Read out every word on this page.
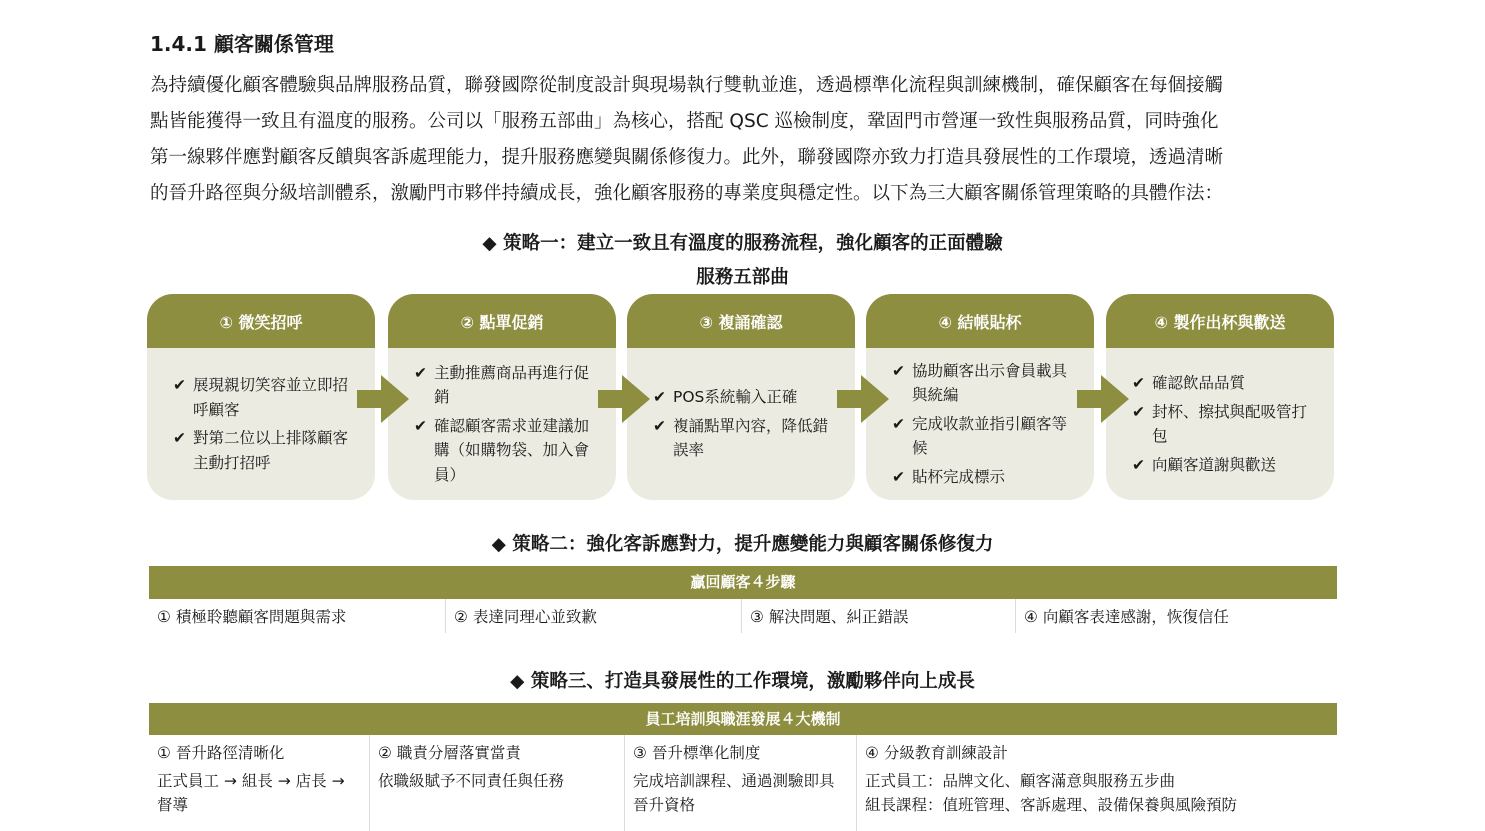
1.4.1 顧客關係管理

為持續優化顧客體驗與品牌服務品質，聯發國際從制度設計與現場執行雙軌並進，透過標準化流程與訓練機制，確保顧客在每個接觸

點皆能獲得一致且有溫度的服務。公司以「服務五部曲」為核心，搭配 QSC 巡檢制度，鞏固門市營運一致性與服務品質，同時強化

第一線夥伴應對顧客反饋與客訴處理能力，提升服務應變與關係修復力。此外，聯發國際亦致力打造具發展性的工作環境，透過清晰

的晉升路徑與分級培訓體系，激勵門市夥伴持續成長，強化顧客服務的專業度與穩定性。以下為三大顧客關係管理策略的具體作法：

◆ 策略一：建立一致且有溫度的服務流程，強化顧客的正面體驗
服務五部曲
① 微笑招呼
✔ 展現親切笑容並立即招呼顧客
✔ 對第二位以上排隊顧客主動打招呼
② 點單促銷
✔ 主動推薦商品再進行促銷
✔ 確認顧客需求並建議加購（如購物袋、加入會員）
③ 複誦確認
✔ POS系統輸入正確
✔ 複誦點單內容，降低錯誤率
④ 結帳貼杯
✔ 協助顧客出示會員載具與統編
✔ 完成收款並指引顧客等候
✔ 貼杯完成標示
④ 製作出杯與歡送
✔ 確認飲品品質
✔ 封杯、擦拭與配吸管打包
✔ 向顧客道謝與歡送
◆ 策略二：強化客訴應對力，提升應變能力與顧客關係修復力
贏回顧客４步驟
① 積極聆聽顧客問題與需求	② 表達同理心並致歉	③ 解決問題、糾正錯誤	④ 向顧客表達感謝，恢復信任
◆ 策略三、打造具發展性的工作環境，激勵夥伴向上成長
員工培訓與職涯發展４大機制
① 晉升路徑清晰化
正式員工 → 組長 → 店長 →
督導
② 職責分層落實當責
依職級賦予不同責任與任務
③ 晉升標準化制度
完成培訓課程、通過測驗即具
晉升資格
④ 分級教育訓練設計
正式員工：品牌文化、顧客滿意與服務五步曲
組長課程：值班管理、客訴處理、設備保養與風險預防
